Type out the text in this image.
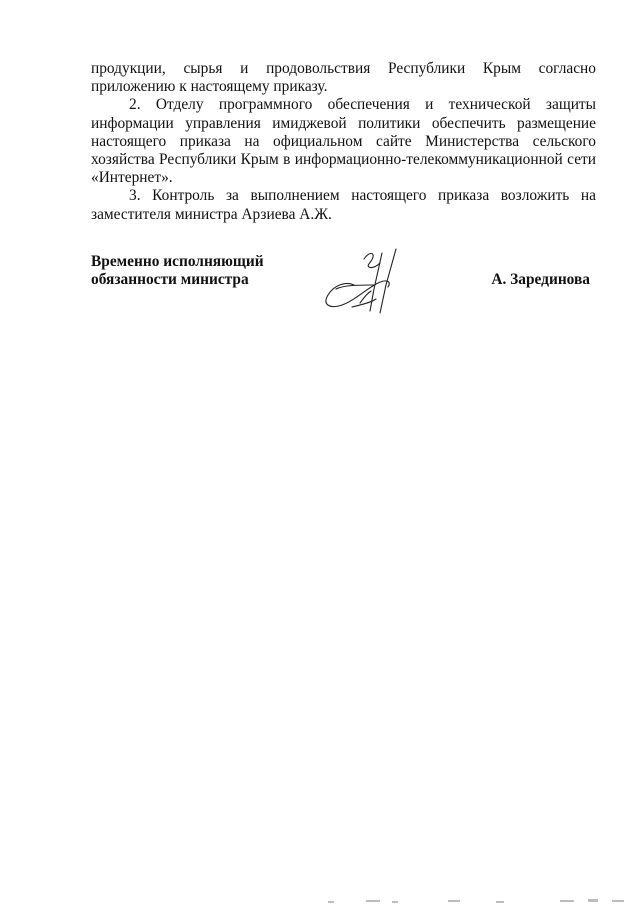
продукции, сырья и продовольствия Республики Крым согласно приложению к настоящему приказу.

2. Отделу программного обеспечения и технической защиты информации управления имиджевой политики обеспечить размещение настоящего приказа на официальном сайте Министерства сельского хозяйства Республики Крым в информационно-телекоммуникационной сети «Интернет».

3. Контроль за выполнением настоящего приказа возложить на заместителя министра Арзиева А.Ж.

Временно исполняющий
обязанности министра	А. Зарединова
